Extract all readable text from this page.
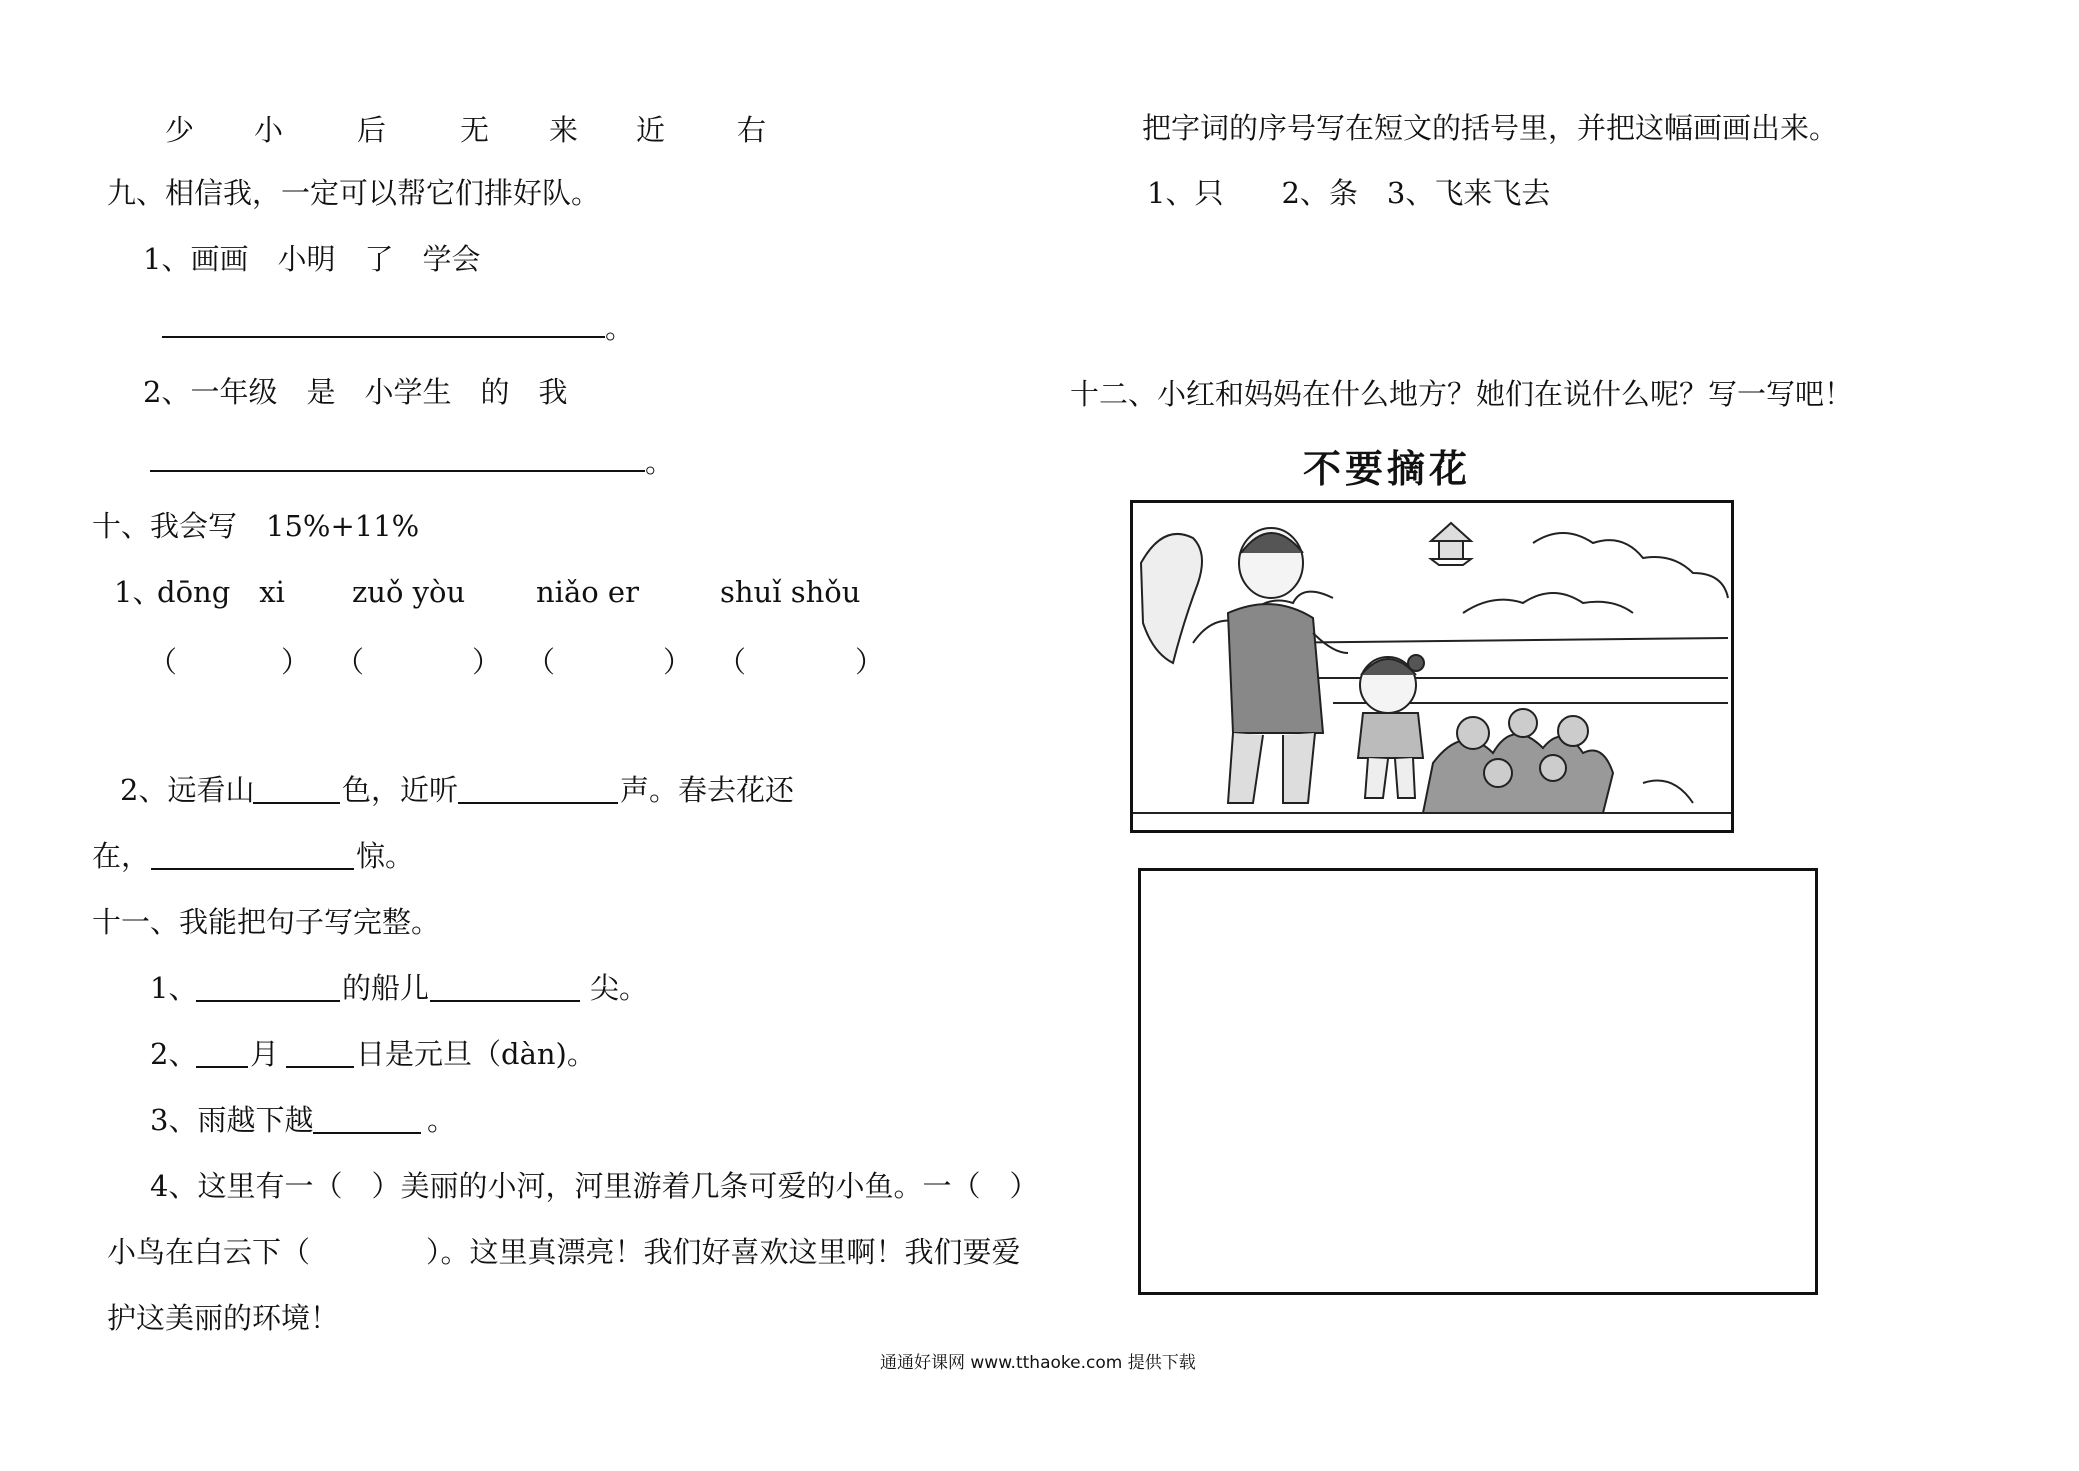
少 小	后	无 来 近 右
九、相信我，一定可以帮它们排好队。
1、画画　小明　了　学会
。
2、一年级　是　小学生　的　我
。
十、我会写　15%+11%
1、
dōng　xi zuǒ yòu niǎo er	shuǐ shǒu
（	） （	） （	） （	）
2、远看山	色，近听	声。春去花还
在，	惊。
十一、我能把句子写完整。
1、	的船儿	尖。
2、 月	日是元旦（dàn)。
3、雨越下越	。
4、这里有一（　）美丽的小河，河里游着几条可爱的小鱼。一（　）
小鸟在白云下（　　　　）。这里真漂亮！我们好喜欢这里啊！我们要爱
护这美丽的环境！
把字词的序号写在短文的括号里，并把这幅画画出来。
1、只　　2、条　3、飞来飞去
十二、小红和妈妈在什么地方？她们在说什么呢？写一写吧！
不要摘花
通通好课网 www.tthaoke.com 提供下载
